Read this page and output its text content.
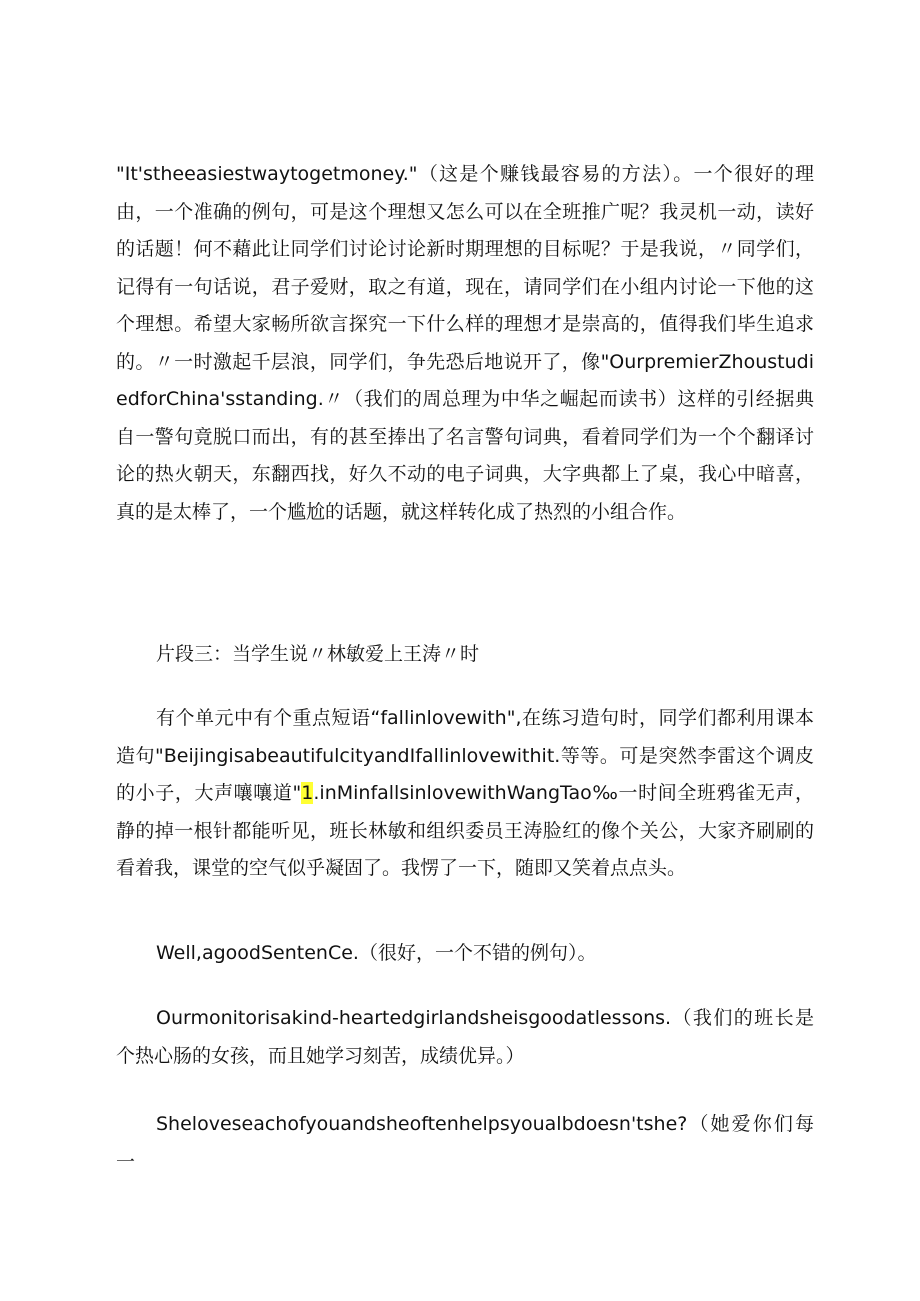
"It'stheeasiestwaytogetmoney."（这是个赚钱最容易的方法）。一个很好的理由，一个准确的例句，可是这个理想又怎么可以在全班推广呢？我灵机一动，读好的话题！何不藉此让同学们讨论讨论新时期理想的目标呢？于是我说，〃同学们，记得有一句话说，君子爱财，取之有道，现在，请同学们在小组内讨论一下他的这个理想。希望大家畅所欲言探究一下什么样的理想才是崇高的，值得我们毕生追求的。〃一时激起千层浪，同学们，争先恐后地说开了，像"OurpremierZhoustudiedforChina'sstanding.〃（我们的周总理为中华之崛起而读书）这样的引经据典自一警句竟脱口而出，有的甚至捧出了名言警句词典，看着同学们为一个个翻译讨论的热火朝天，东翻西找，好久不动的电子词典，大字典都上了桌，我心中暗喜，真的是太棒了，一个尴尬的话题，就这样转化成了热烈的小组合作。

片段三：当学生说〃林敏爱上王涛〃时

有个单元中有个重点短语“fallinlovewith",在练习造句时，同学们都利用课本造句"BeijingisabeautifulcityandIfallinlovewithit.等等。可是突然李雷这个调皮的小子，大声嚷嚷道"1.inMinfallsinlovewithWangTao‰一时间全班鸦雀无声，静的掉一根针都能听见，班长林敏和组织委员王涛脸红的像个关公，大家齐刷刷的看着我，课堂的空气似乎凝固了。我愣了一下，随即又笑着点点头。

Well,agoodSentenCe.（很好，一个不错的例句）。

Ourmonitorisakind-heartedgirlandsheisgoodatlessons.（我们的班长是个热心肠的女孩，而且她学习刻苦，成绩优异。）

Sheloveseachofyouandsheoftenhelpsyoualbdoesn'tshe?（她爱你们每一
